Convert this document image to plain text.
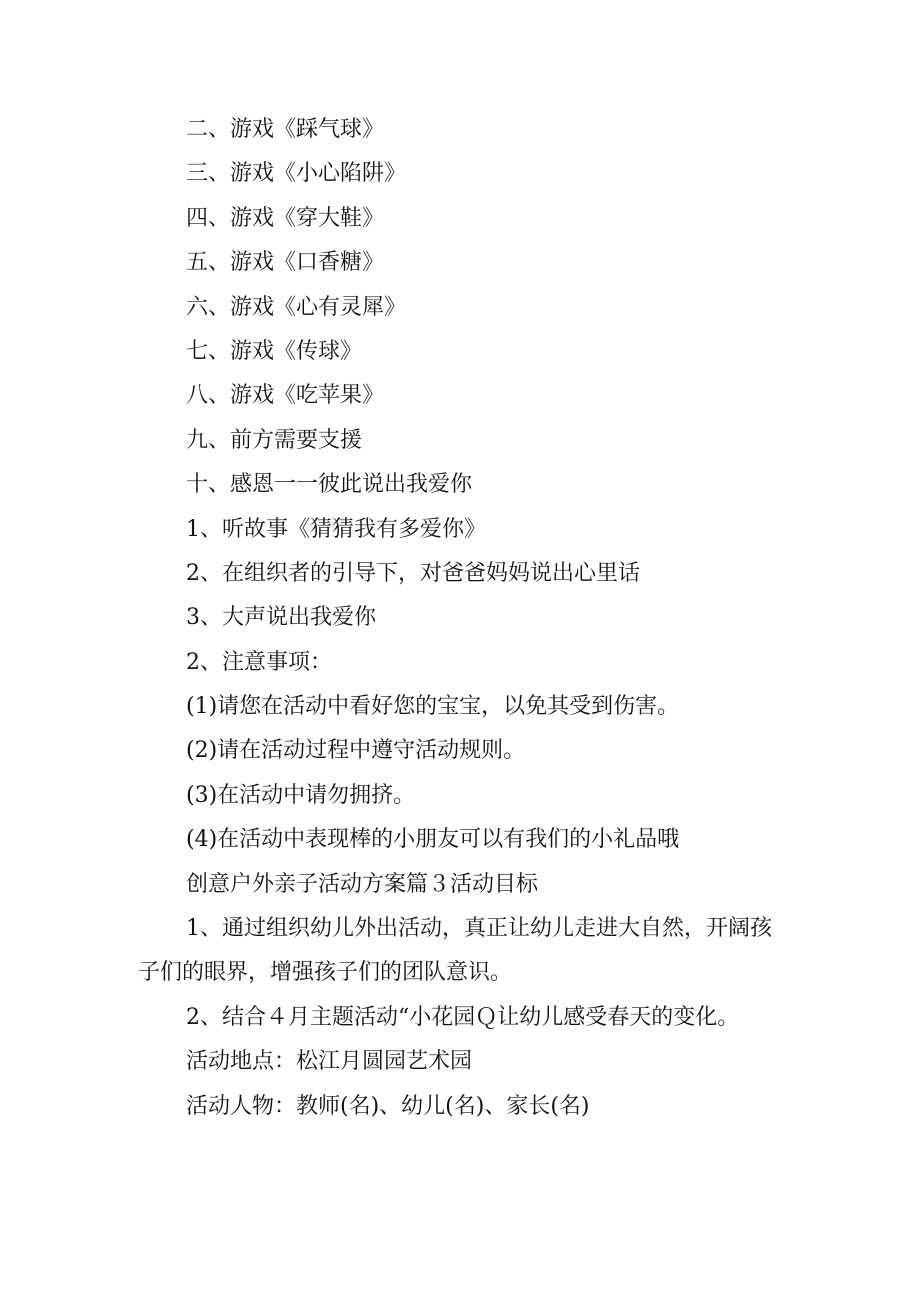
二、游戏《踩气球》

三、游戏《小心陷阱》

四、游戏《穿大鞋》

五、游戏《口香糖》

六、游戏《心有灵犀》

七、游戏《传球》

八、游戏《吃苹果》

九、前方需要支援

十、感恩一一彼此说出我爱你

1、听故事《猜猜我有多爱你》

2、在组织者的引导下，对爸爸妈妈说出心里话

3、大声说出我爱你

2、注意事项：

(1)请您在活动中看好您的宝宝，以免其受到伤害。

(2)请在活动过程中遵守活动规则。

(3)在活动中请勿拥挤。

(4)在活动中表现棒的小朋友可以有我们的小礼品哦

创意户外亲子活动方案篇３活动目标

1、通过组织幼儿外出活动，真正让幼儿走进大自然，开阔孩子们的眼界，增强孩子们的团队意识。

2、结合４月主题活动“小花园Ｑ让幼儿感受春天的变化。

活动地点：松江月圆园艺术园

活动人物：教师(名)、幼儿(名)、家长(名)
